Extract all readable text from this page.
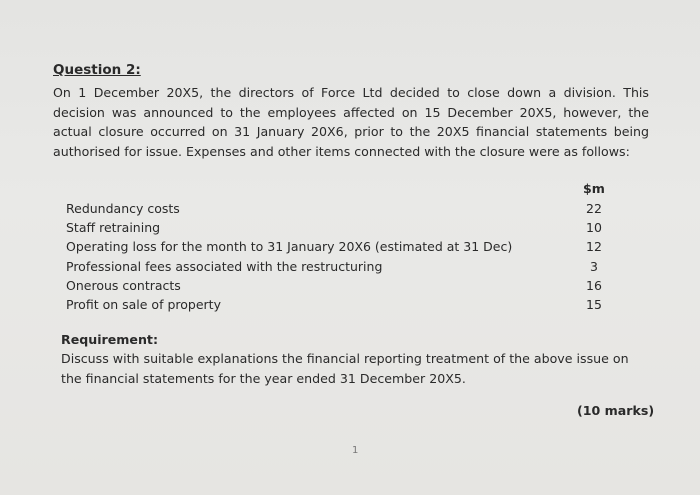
Question 2:
On 1 December 20X5, the directors of Force Ltd decided to close down a division. This decision was announced to the employees affected on 15 December 20X5, however, the actual closure occurred on 31 January 20X6, prior to the 20X5 financial statements being authorised for issue. Expenses and other items connected with the closure were as follows:
$m
Redundancy costs	22
Staff retraining	10
Operating loss for the month to 31 January 20X6 (estimated at 31 Dec)	12
Professional fees associated with the restructuring	3
Onerous contracts	16
Profit on sale of property	15
Requirement:
Discuss with suitable explanations the financial reporting treatment of the above issue on the financial statements for the year ended 31 December 20X5.
(10 marks)
1
